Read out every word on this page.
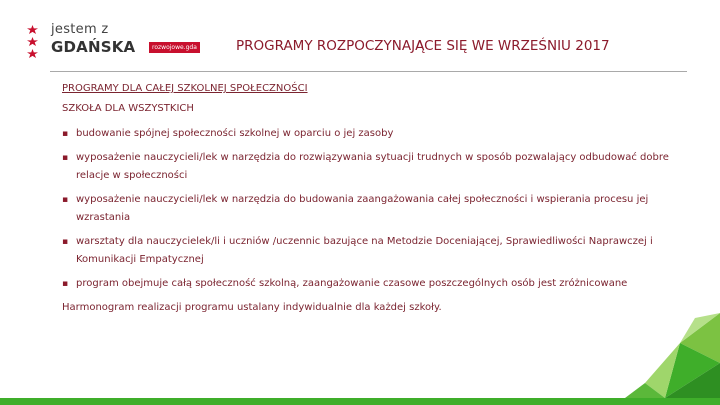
jestem z
GDAŃSKA	rozwojowe.gda	PROGRAMY ROZPOCZYNAJĄCE SIĘ WE WRZEŚNIU 2017

PROGRAMY DLA CAŁEJ SZKOLNEJ SPOŁECZNOŚCI

SZKOŁA DLA WSZYSTKICH

▪ budowanie spójnej społeczności szkolnej w oparciu o jej zasoby
▪ wyposażenie nauczycieli/lek w narzędzia do rozwiązywania sytuacji trudnych w sposób pozwalający odbudować dobre
relacje w społeczności
▪ wyposażenie nauczycieli/lek w narzędzia do budowania zaangażowania całej społeczności i wspierania procesu jej
wzrastania
▪ warsztaty dla nauczycielek/li i uczniów /uczennic bazujące na Metodzie Doceniającej, Sprawiedliwości Naprawczej i
Komunikacji Empatycznej
▪ program obejmuje całą społeczność szkolną, zaangażowanie czasowe poszczególnych osób jest zróżnicowane

Harmonogram realizacji programu ustalany indywidualnie dla każdej szkoły.
